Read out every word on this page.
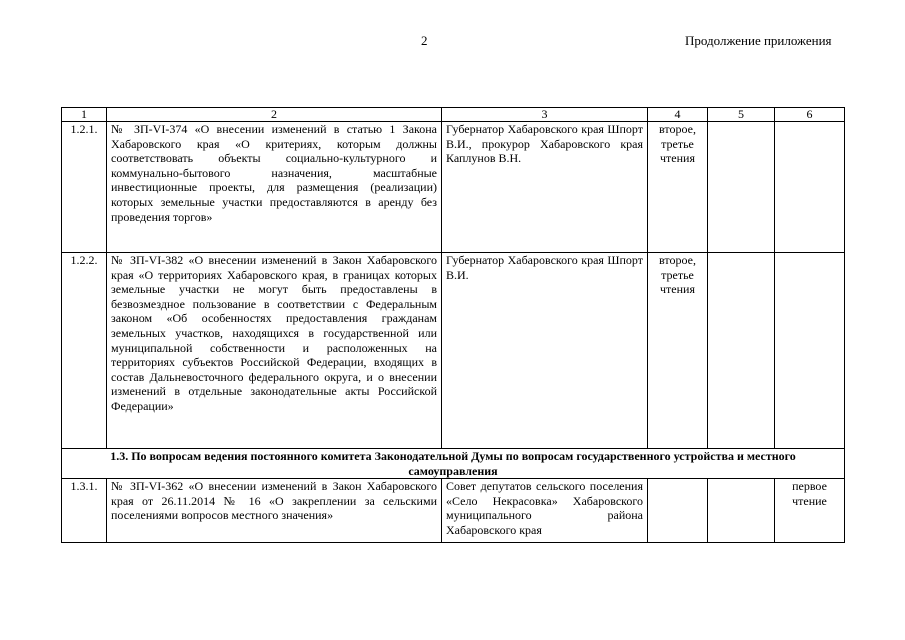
2	Продолжение приложения
1	2	3	4	5	6
1.2.1.	№ ЗП-VI-374 «О внесении изменений в статью 1 Закона Хабаровского края «О критериях, которым должны соответствовать объекты социально-культурного и коммунально-бытового назначения, масштабные инвестиционные проекты, для размещения (реализации) которых земельные участки предоставляются в аренду без проведения торгов»	Губернатор Хабаровского края Шпорт В.И., прокурор Хабаровского края Каплунов В.Н.	второе, третье чтения		
1.2.2.	№ ЗП-VI-382 «О внесении изменений в Закон Хабаровского края «О территориях Хабаровского края, в границах которых земельные участки не могут быть предоставлены в безвозмездное пользование в соответствии с Федеральным законом «Об особенностях предоставления гражданам земельных участков, находящихся в государственной или муниципальной собственности и расположенных на территориях субъектов Российской Федерации, входящих в состав Дальневосточного федерального округа, и о внесении изменений в отдельные законодательные акты Российской Федерации»	Губернатор Хабаровского края Шпорт В.И.	второе, третье чтения		
1.3. По вопросам ведения постоянного комитета Законодательной Думы по вопросам государственного устройства и местного самоуправления					
1.3.1.	№ ЗП-VI-362 «О внесении изменений в Закон Хабаровского края от 26.11.2014 № 16 «О закреплении за сельскими поселениями вопросов местного значения»	Совет депутатов сельского поселения «Село Некрасовка» Хабаровского муниципального района Хабаровского края			первое чтение
